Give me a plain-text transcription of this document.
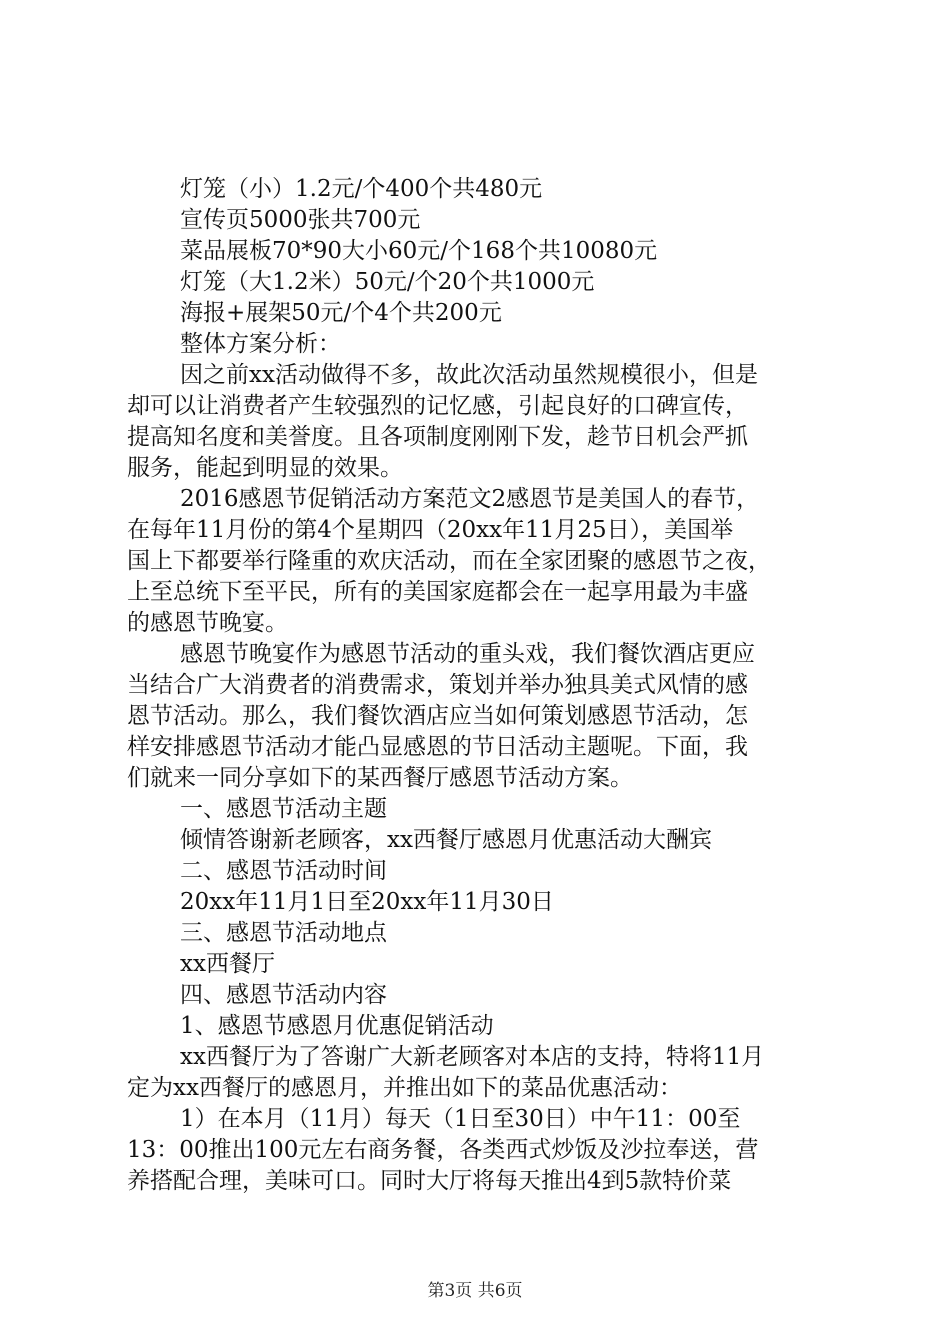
灯笼（小）1.2元/个400个共480元
宣传页5000张共700元
菜品展板70*90大小60元/个168个共10080元
灯笼（大1.2米）50元/个20个共1000元
海报+展架50元/个4个共200元
整体方案分析：
因之前xx活动做得不多，故此次活动虽然规模很小，但是
却可以让消费者产生较强烈的记忆感，引起良好的口碑宣传，
提高知名度和美誉度。且各项制度刚刚下发，趁节日机会严抓
服务，能起到明显的效果。
2016感恩节促销活动方案范文2感恩节是美国人的春节，
在每年11月份的第4个星期四（20xx年11月25日），美国举
国上下都要举行隆重的欢庆活动，而在全家团聚的感恩节之夜，
上至总统下至平民，所有的美国家庭都会在一起享用最为丰盛
的感恩节晚宴。
感恩节晚宴作为感恩节活动的重头戏，我们餐饮酒店更应
当结合广大消费者的消费需求，策划并举办独具美式风情的感
恩节活动。那么，我们餐饮酒店应当如何策划感恩节活动，怎
样安排感恩节活动才能凸显感恩的节日活动主题呢。下面，我
们就来一同分享如下的某西餐厅感恩节活动方案。
一、感恩节活动主题
倾情答谢新老顾客，xx西餐厅感恩月优惠活动大酬宾
二、感恩节活动时间
20xx年11月1日至20xx年11月30日
三、感恩节活动地点
xx西餐厅
四、感恩节活动内容
1、感恩节感恩月优惠促销活动
xx西餐厅为了答谢广大新老顾客对本店的支持，特将11月
定为xx西餐厅的感恩月，并推出如下的菜品优惠活动：
1）在本月（11月）每天（1日至30日）中午11：00至
13：00推出100元左右商务餐，各类西式炒饭及沙拉奉送，营
养搭配合理，美味可口。同时大厅将每天推出4到5款特价菜
第3页 共6页
